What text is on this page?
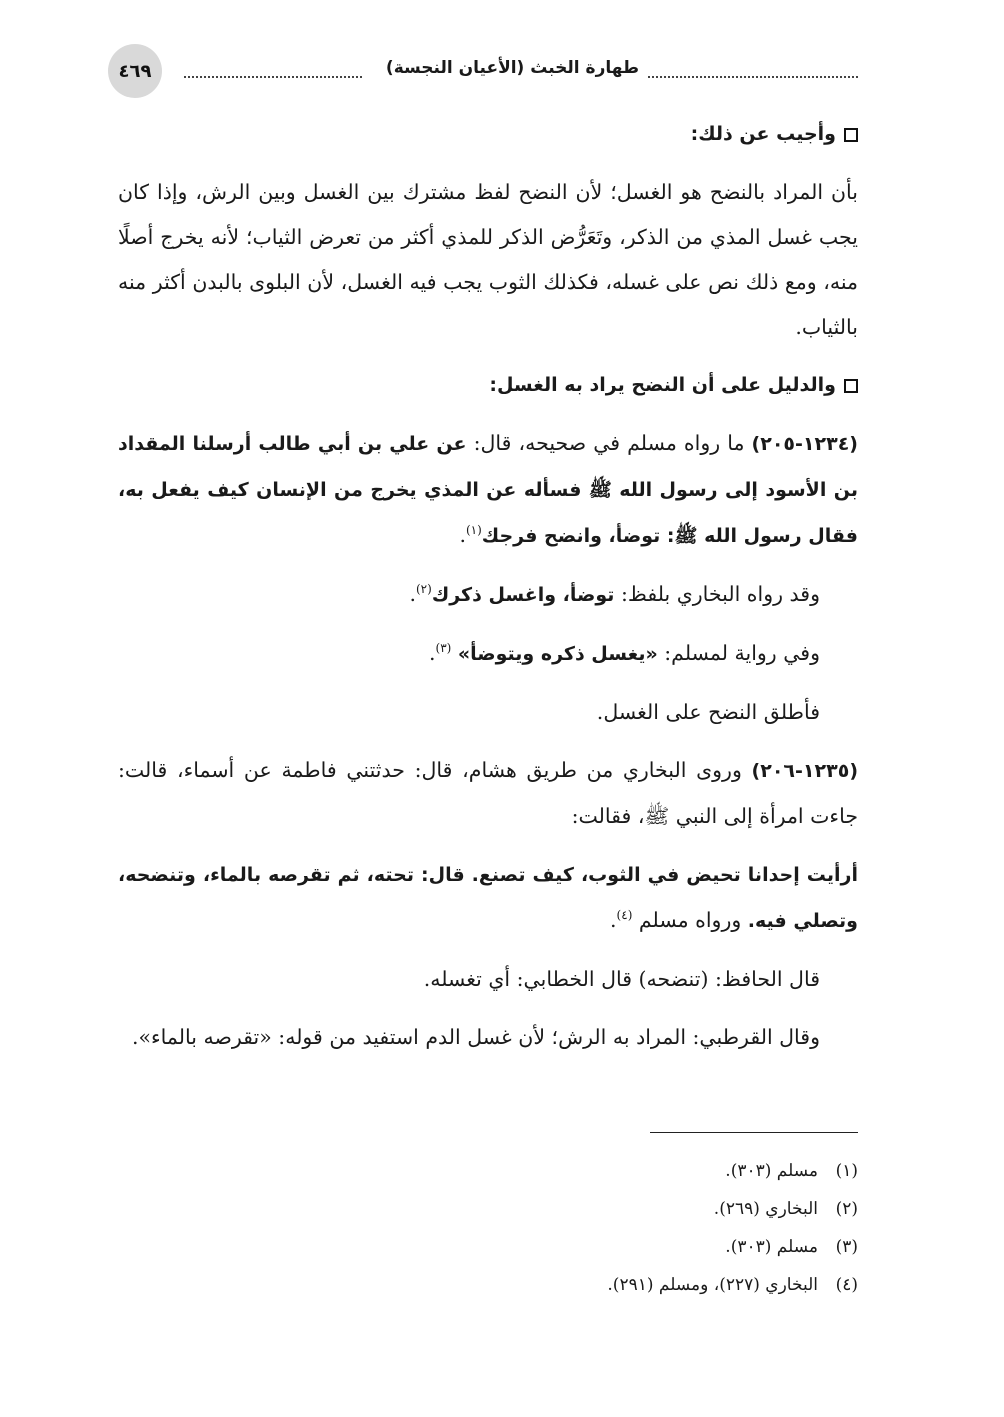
٤٦٩	طهارة الخبث (الأعيان النجسة)

وأجيب عن ذلك:

بأن المراد بالنضح هو الغسل؛ لأن النضح لفظ مشترك بين الغسل وبين الرش، وإذا كان يجب غسل المذي من الذكر، وتَعَرُّض الذكر للمذي أكثر من تعرض الثياب؛ لأنه يخرج أصلًا منه، ومع ذلك نص على غسله، فكذلك الثوب يجب فيه الغسل، لأن البلوى بالبدن أكثر منه بالثياب.

والدليل على أن النضح يراد به الغسل:

(١٢٣٤-٢٠٥) ما رواه مسلم في صحيحه، قال: عن علي بن أبي طالب أرسلنا المقداد بن الأسود إلى رسول الله ﷺ فسأله عن المذي يخرج من الإنسان كيف يفعل به، فقال رسول الله ﷺ: توضأ، وانضح فرجك$^{(١)}$.

وقد رواه البخاري بلفظ: توضأ، واغسل ذكرك$^{(٢)}$.

وفي رواية لمسلم: «يغسل ذكره ويتوضأ» $^{(٣)}$.

فأطلق النضح على الغسل.

(١٢٣٥-٢٠٦) وروى البخاري من طريق هشام، قال: حدثتني فاطمة عن أسماء، قالت: جاءت امرأة إلى النبي ﷺ، فقالت:

أرأيت إحدانا تحيض في الثوب، كيف تصنع. قال: تحته، ثم تقرصه بالماء، وتنضحه، وتصلي فيه. ورواه مسلم $^{(٤)}$.

قال الحافظ: (تنضحه) قال الخطابي: أي تغسله.

وقال القرطبي: المراد به الرش؛ لأن غسل الدم استفيد من قوله: «تقرصه بالماء».

(١)
مسلم (٣٠٣).
(٢)
البخاري (٢٦٩).
(٣)
مسلم (٣٠٣).
(٤)
البخاري (٢٢٧)، ومسلم (٢٩١).
